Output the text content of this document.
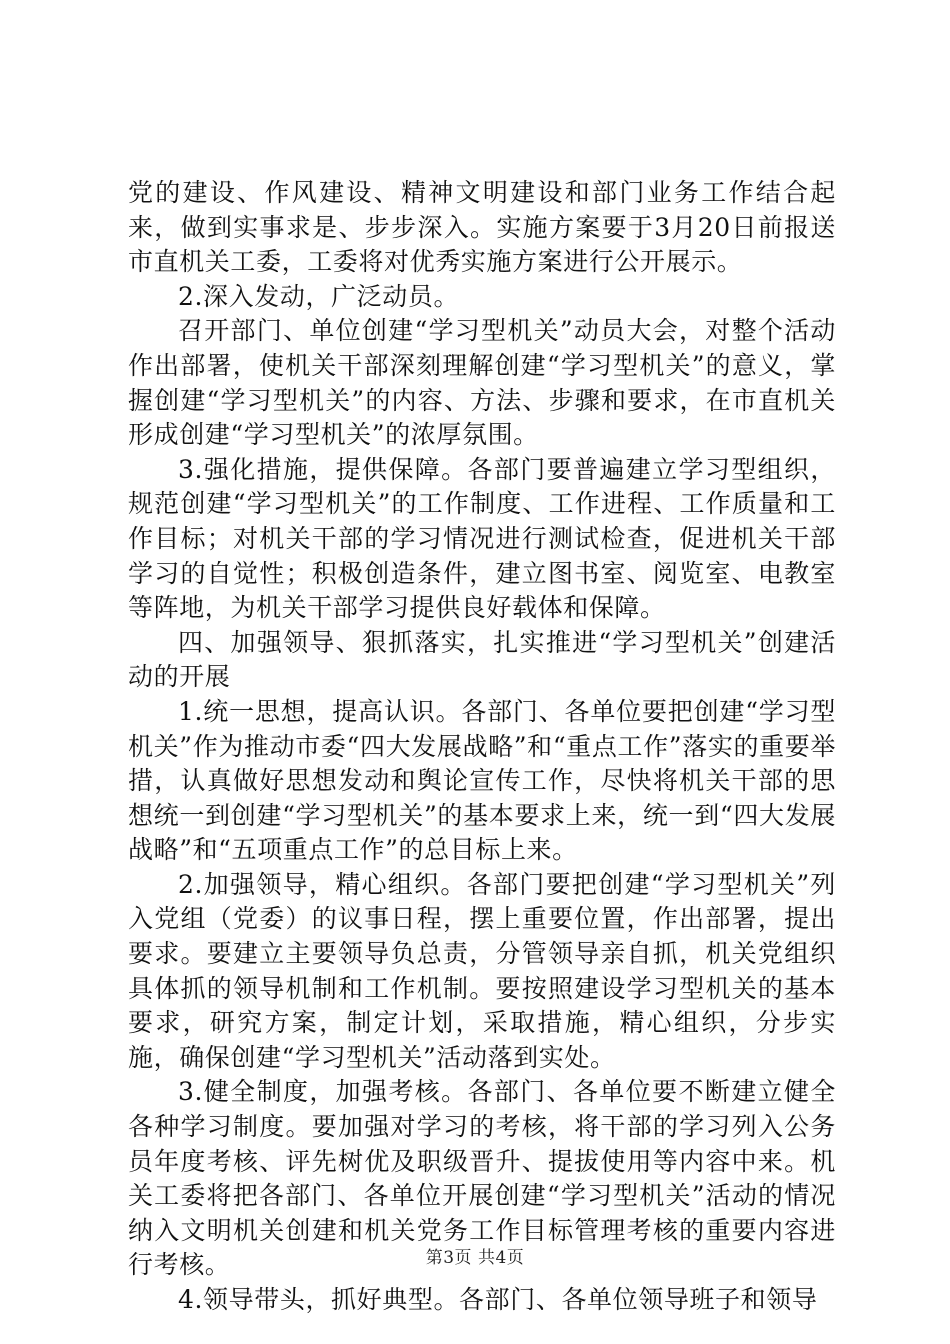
党的建设、作风建设、精神文明建设和部门业务工作结合起来，做到实事求是、步步深入。实施方案要于3月20日前报送市直机关工委，工委将对优秀实施方案进行公开展示。

2.深入发动，广泛动员。

召开部门、单位创建“学习型机关”动员大会，对整个活动作出部署，使机关干部深刻理解创建“学习型机关”的意义，掌握创建“学习型机关”的内容、方法、步骤和要求，在市直机关形成创建“学习型机关”的浓厚氛围。

3.强化措施，提供保障。各部门要普遍建立学习型组织，规范创建“学习型机关”的工作制度、工作进程、工作质量和工作目标；对机关干部的学习情况进行测试检查，促进机关干部学习的自觉性；积极创造条件，建立图书室、阅览室、电教室等阵地，为机关干部学习提供良好载体和保障。

四、加强领导、狠抓落实，扎实推进“学习型机关”创建活动的开展

1.统一思想，提高认识。各部门、各单位要把创建“学习型机关”作为推动市委“四大发展战略”和“重点工作”落实的重要举措，认真做好思想发动和舆论宣传工作，尽快将机关干部的思想统一到创建“学习型机关”的基本要求上来，统一到“四大发展战略”和“五项重点工作”的总目标上来。

2.加强领导，精心组织。各部门要把创建“学习型机关”列入党组（党委）的议事日程，摆上重要位置，作出部署，提出要求。要建立主要领导负总责，分管领导亲自抓，机关党组织具体抓的领导机制和工作机制。要按照建设学习型机关的基本要求，研究方案，制定计划，采取措施，精心组织，分步实施，确保创建“学习型机关”活动落到实处。

3.健全制度，加强考核。各部门、各单位要不断建立健全各种学习制度。要加强对学习的考核，将干部的学习列入公务员年度考核、评先树优及职级晋升、提拔使用等内容中来。机关工委将把各部门、各单位开展创建“学习型机关”活动的情况纳入文明机关创建和机关党务工作目标管理考核的重要内容进行考核。

4.领导带头，抓好典型。各部门、各单位领导班子和领导

第3页 共4页
